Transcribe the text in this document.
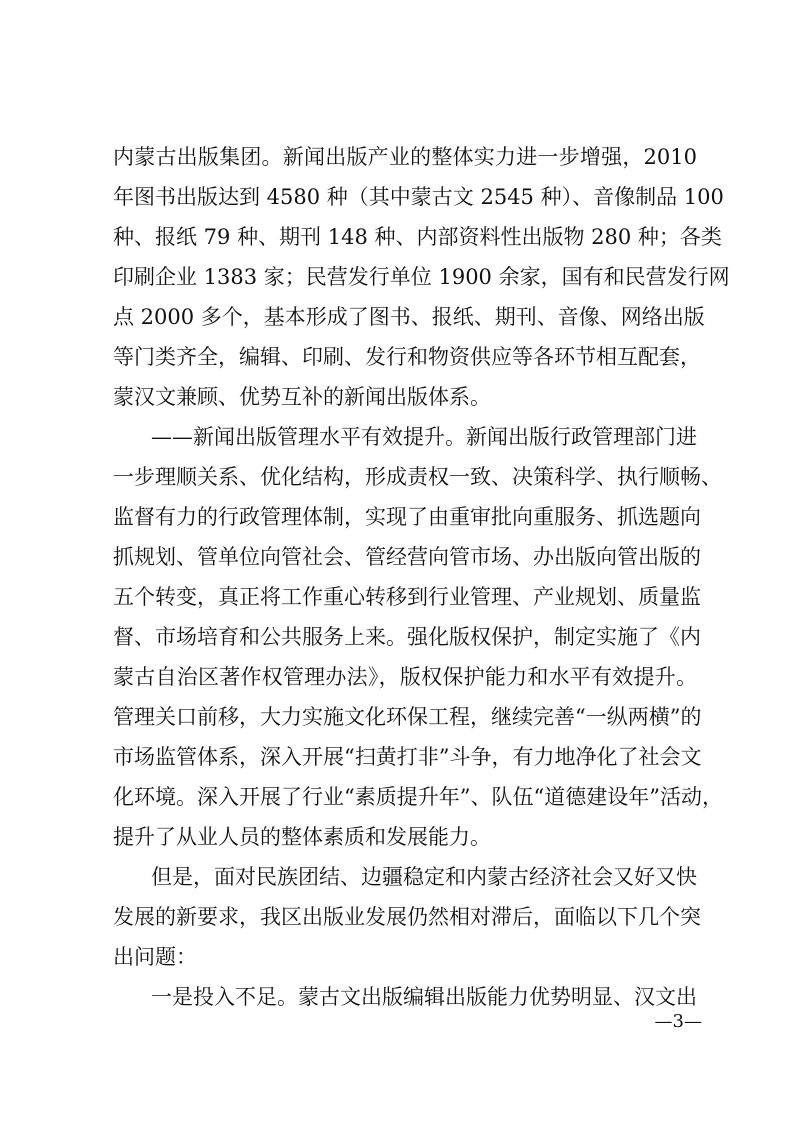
内蒙古出版集团。新闻出版产业的整体实力进一步增强，2010
年图书出版达到 4580 种（其中蒙古文 2545 种）、音像制品 100
种、报纸 79 种、期刊 148 种、内部资料性出版物 280 种；各类
印刷企业 1383 家；民营发行单位 1900 余家，国有和民营发行网
点 2000 多个，基本形成了图书、报纸、期刊、音像、网络出版
等门类齐全，编辑、印刷、发行和物资供应等各环节相互配套，
蒙汉文兼顾、优势互补的新闻出版体系。
——新闻出版管理水平有效提升。新闻出版行政管理部门进
一步理顺关系、优化结构，形成责权一致、决策科学、执行顺畅、
监督有力的行政管理体制，实现了由重审批向重服务、抓选题向
抓规划、管单位向管社会、管经营向管市场、办出版向管出版的
五个转变，真正将工作重心转移到行业管理、产业规划、质量监
督、市场培育和公共服务上来。强化版权保护，制定实施了《内
蒙古自治区著作权管理办法》，版权保护能力和水平有效提升。
管理关口前移，大力实施文化环保工程，继续完善“一纵两横”的
市场监管体系，深入开展“扫黄打非”斗争，有力地净化了社会文
化环境。深入开展了行业“素质提升年”、队伍“道德建设年”活动，
提升了从业人员的整体素质和发展能力。
但是，面对民族团结、边疆稳定和内蒙古经济社会又好又快
发展的新要求，我区出版业发展仍然相对滞后，面临以下几个突
出问题：
一是投入不足。蒙古文出版编辑出版能力优势明显、汉文出
—3—
